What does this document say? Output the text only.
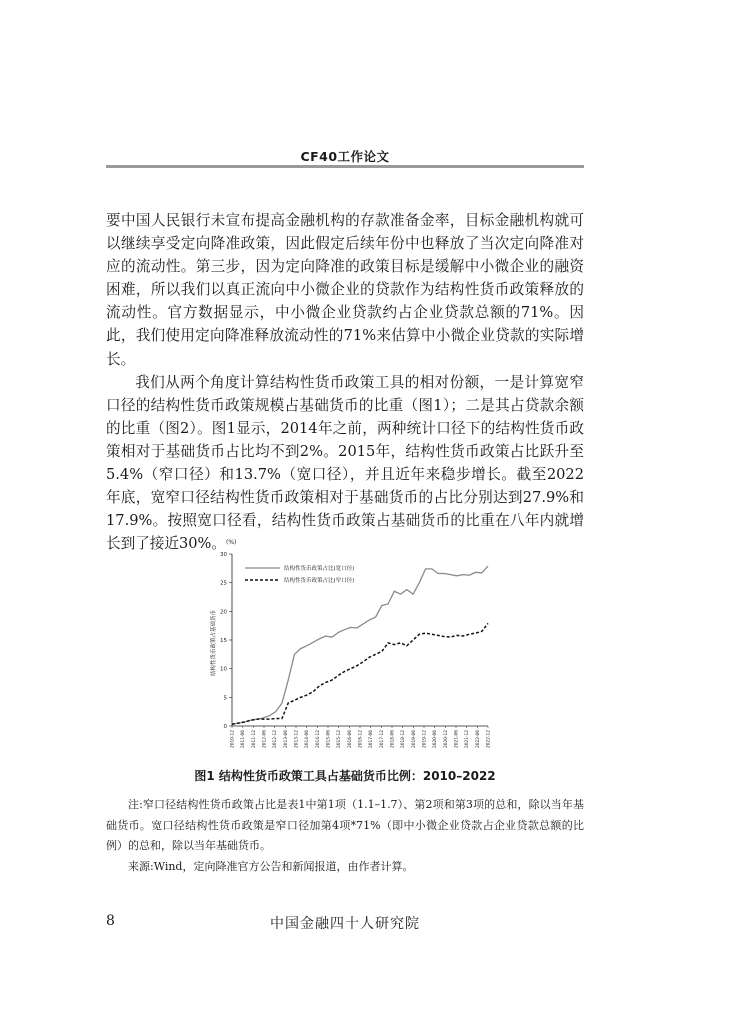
CF40工作论文

要中国人民银行未宣布提高金融机构的存款准备金率，目标金融机构就可以继续享受定向降准政策，因此假定后续年份中也释放了当次定向降准对应的流动性。第三步，因为定向降准的政策目标是缓解中小微企业的融资困难，所以我们以真正流向中小微企业的贷款作为结构性货币政策释放的流动性。官方数据显示，中小微企业贷款约占企业贷款总额的71%。因此，我们使用定向降准释放流动性的71%来估算中小微企业贷款的实际增长。

我们从两个角度计算结构性货币政策工具的相对份额，一是计算宽窄口径的结构性货币政策规模占基础货币的比重（图1）；二是其占贷款余额的比重（图2）。图1显示，2014年之前，两种统计口径下的结构性货币政策相对于基础货币占比均不到2%。2015年，结构性货币政策占比跃升至5.4%（窄口径）和13.7%（宽口径），并且近年来稳步增长。截至2022年底，宽窄口径结构性货币政策相对于基础货币的占比分别达到27.9%和17.9%。按照宽口径看，结构性货币政策占基础货币的比重在八年内就增长到了接近30%。 (%)
结构性货币政策占基础货币
0
5
10
15
20
25
30
2010-12 2011-06 2011-12 2012-06 2012-12 2013-06 2013-12 2014-06 2014-12 2015-06 2015-12 2016-06 2016-12 2017-06 2017-12 2018-06 2018-12 2019-06 2019-12 2020-06 2020-12 2021-06 2021-12 2022-06 2022-12
结构性货币政策占比(宽口径)
结构性货币政策占比(窄口径)
图1 结构性货币政策工具占基础货币比例：2010–2022

注:窄口径结构性货币政策占比是表1中第1项（1.1–1.7）、第2项和第3项的总和，除以当年基础货币。宽口径结构性货币政策是窄口径加第4项*71%（即中小微企业贷款占企业贷款总额的比例）的总和，除以当年基础货币。

来源:Wind，定向降准官方公告和新闻报道，由作者计算。

8	中国金融四十人研究院
